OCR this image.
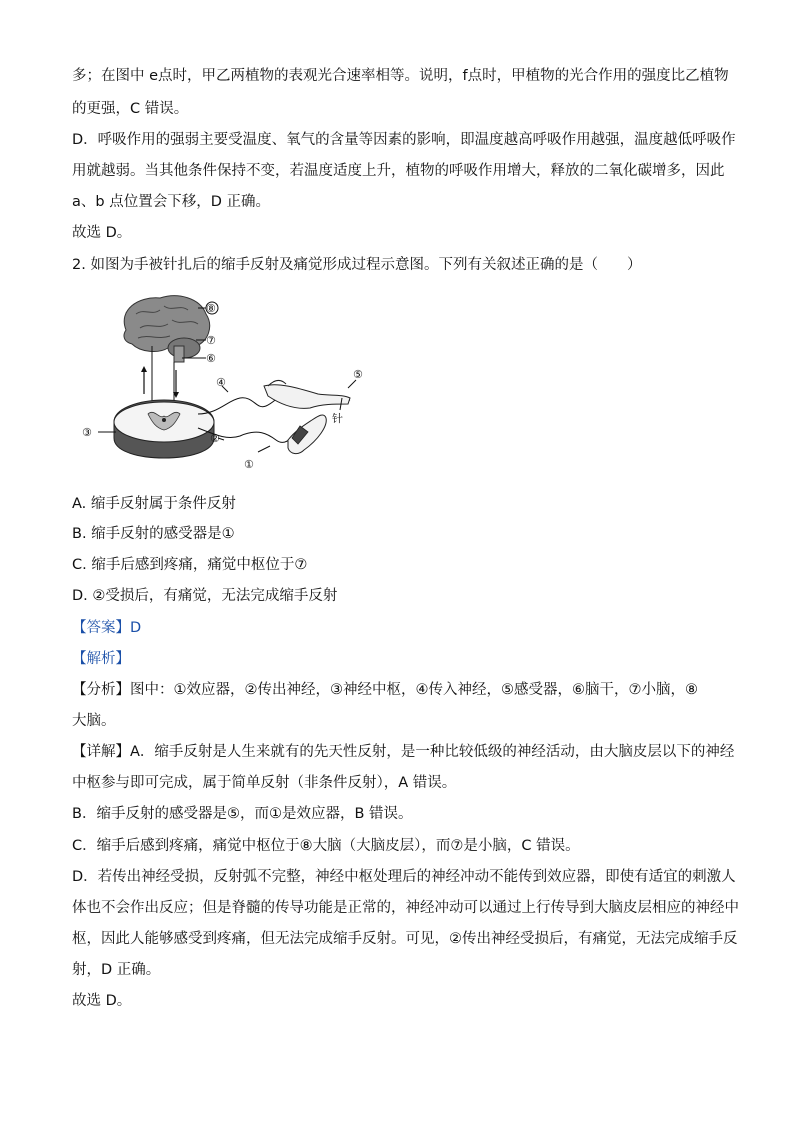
多；在图中 e点时，甲乙两植物的表观光合速率相等。说明，f点时，甲植物的光合作用的强度比乙植物
的更强，C 错误。
D．呼吸作用的强弱主要受温度、氧气的含量等因素的影响，即温度越高呼吸作用越强，温度越低呼吸作
用就越弱。当其他条件保持不变，若温度适度上升，植物的呼吸作用增大，释放的二氧化碳增多，因此
a、b 点位置会下移，D 正确。
故选 D。
2. 如图为手被针扎后的缩手反射及痛觉形成过程示意图。下列有关叙述正确的是（　　）
⑧
⑦
⑥
③
④
②
①
⑤
针
A. 缩手反射属于条件反射
B. 缩手反射的感受器是①
C. 缩手后感到疼痛，痛觉中枢位于⑦
D. ②受损后，有痛觉，无法完成缩手反射
【答案】D
【解析】
【分析】图中：①效应器，②传出神经，③神经中枢，④传入神经，⑤感受器，⑥脑干，⑦小脑，⑧
大脑。
【详解】A．缩手反射是人生来就有的先天性反射，是一种比较低级的神经活动，由大脑皮层以下的神经
中枢参与即可完成，属于简单反射（非条件反射），A 错误。
B．缩手反射的感受器是⑤，而①是效应器，B 错误。
C．缩手后感到疼痛，痛觉中枢位于⑧大脑（大脑皮层），而⑦是小脑，C 错误。
D．若传出神经受损，反射弧不完整，神经中枢处理后的神经冲动不能传到效应器，即使有适宜的刺激人
体也不会作出反应；但是脊髓的传导功能是正常的，神经冲动可以通过上行传导到大脑皮层相应的神经中
枢，因此人能够感受到疼痛，但无法完成缩手反射。可见，②传出神经受损后，有痛觉，无法完成缩手反
射，D 正确。
故选 D。
